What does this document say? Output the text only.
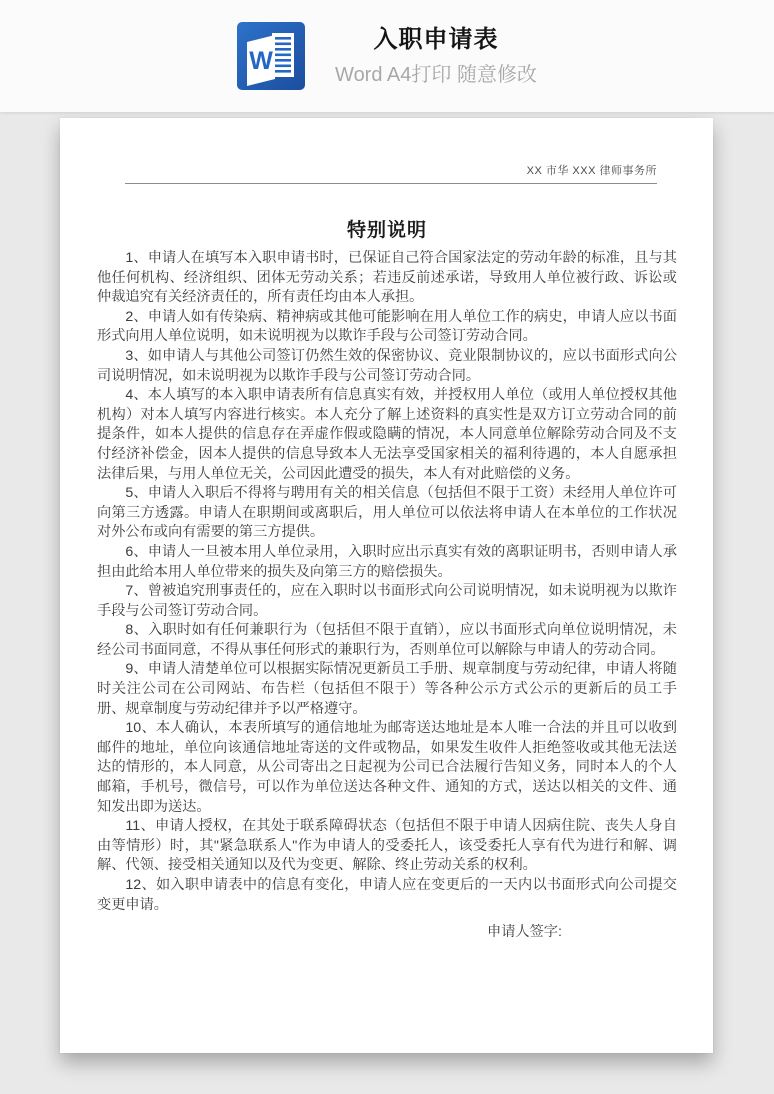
W
入职申请表
Word A4打印 随意修改
XX 市华 XXX 律师事务所
特别说明

1、申请人在填写本入职申请书时，已保证自己符合国家法定的劳动年龄的标准，且与其他任何机构、经济组织、团体无劳动关系；若违反前述承诺，导致用人单位被行政、诉讼或仲裁追究有关经济责任的，所有责任均由本人承担。

2、申请人如有传染病、精神病或其他可能影响在用人单位工作的病史，申请人应以书面形式向用人单位说明，如未说明视为以欺诈手段与公司签订劳动合同。

3、如申请人与其他公司签订仍然生效的保密协议、竞业限制协议的，应以书面形式向公司说明情况，如未说明视为以欺诈手段与公司签订劳动合同。

4、本人填写的本入职申请表所有信息真实有效，并授权用人单位（或用人单位授权其他机构）对本人填写内容进行核实。本人充分了解上述资料的真实性是双方订立劳动合同的前提条件，如本人提供的信息存在弄虚作假或隐瞒的情况，本人同意单位解除劳动合同及不支付经济补偿金，因本人提供的信息导致本人无法享受国家相关的福利待遇的，本人自愿承担法律后果，与用人单位无关，公司因此遭受的损失，本人有对此赔偿的义务。

5、申请人入职后不得将与聘用有关的相关信息（包括但不限于工资）未经用人单位许可向第三方透露。申请人在职期间或离职后，用人单位可以依法将申请人在本单位的工作状况对外公布或向有需要的第三方提供。

6、申请人一旦被本用人单位录用，入职时应出示真实有效的离职证明书，否则申请人承担由此给本用人单位带来的损失及向第三方的赔偿损失。

7、曾被追究刑事责任的，应在入职时以书面形式向公司说明情况，如未说明视为以欺诈手段与公司签订劳动合同。

8、入职时如有任何兼职行为（包括但不限于直销），应以书面形式向单位说明情况，未经公司书面同意，不得从事任何形式的兼职行为，否则单位可以解除与申请人的劳动合同。

9、申请人清楚单位可以根据实际情况更新员工手册、规章制度与劳动纪律，申请人将随时关注公司在公司网站、布告栏（包括但不限于）等各种公示方式公示的更新后的员工手册、规章制度与劳动纪律并予以严格遵守。

10、本人确认，本表所填写的通信地址为邮寄送达地址是本人唯一合法的并且可以收到邮件的地址，单位向该通信地址寄送的文件或物品，如果发生收件人拒绝签收或其他无法送达的情形的，本人同意，从公司寄出之日起视为公司已合法履行告知义务，同时本人的个人邮箱，手机号，微信号，可以作为单位送达各种文件、通知的方式，送达以相关的文件、通知发出即为送达。

11、申请人授权，在其处于联系障碍状态（包括但不限于申请人因病住院、丧失人身自由等情形）时，其"紧急联系人"作为申请人的受委托人，该受委托人享有代为进行和解、调解、代领、接受相关通知以及代为变更、解除、终止劳动关系的权利。

12、如入职申请表中的信息有变化，申请人应在变更后的一天内以书面形式向公司提交变更申请。

申请人签字:
